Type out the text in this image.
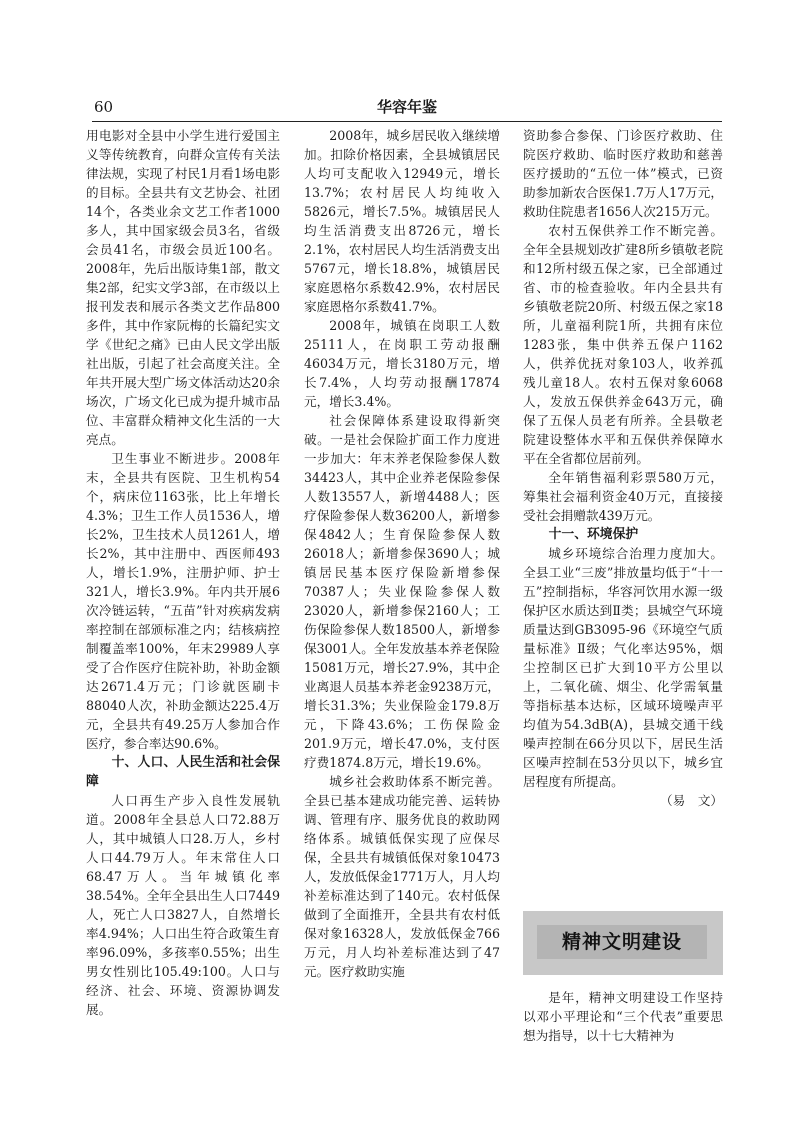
60	华容年鉴

用电影对全县中小学生进行爱国主义等传统教育，向群众宣传有关法律法规，实现了村民1月看1场电影的目标。全县共有文艺协会、社团14个，各类业余文艺工作者1000多人，其中国家级会员3名，省级会员41名，市级会员近100名。2008年，先后出版诗集1部，散文集2部，纪实文学3部，在市级以上报刊发表和展示各类文艺作品800多件，其中作家阮梅的长篇纪实文学《世纪之痛》已由人民文学出版社出版，引起了社会高度关注。全年共开展大型广场文体活动达20余场次，广场文化已成为提升城市品位、丰富群众精神文化生活的一大亮点。

卫生事业不断进步。2008年末，全县共有医院、卫生机构54个，病床位1163张，比上年增长4.3%；卫生工作人员1536人，增长2%，卫生技术人员1261人，增长2%，其中注册中、西医师493人，增长1.9%，注册护师、护士321人，增长3.9%。年内共开展6次冷链运转，“五苗”针对疾病发病率控制在部颁标准之内；结核病控制覆盖率100%，年末29989人享受了合作医疗住院补助，补助金额达2671.4万元；门诊就医刷卡88040人次，补助金额达225.4万元，全县共有49.25万人参加合作医疗，参合率达90.6%。

十、人口、人民生活和社会保障

人口再生产步入良性发展轨道。2008年全县总人口72.88万人，其中城镇人口28.万人，乡村人口44.79万人。年末常住人口68.47万人。当年城镇化率38.54%。全年全县出生人口7449人，死亡人口3827人，自然增长率4.94%；人口出生符合政策生育率96.09%，多孩率0.55%；出生男女性别比105.49:100。人口与经济、社会、环境、资源协调发展。

2008年，城乡居民收入继续增加。扣除价格因素，全县城镇居民人均可支配收入12949元，增长13.7%；农村居民人均纯收入5826元，增长7.5%。城镇居民人均生活消费支出8726元，增长2.1%，农村居民人均生活消费支出5767元，增长18.8%，城镇居民家庭恩格尔系数42.9%，农村居民家庭恩格尔系数41.7%。

2008年，城镇在岗职工人数25111人，在岗职工劳动报酬46034万元，增长3180万元，增长7.4%，人均劳动报酬17874元，增长3.4%。

社会保障体系建设取得新突破。一是社会保险扩面工作力度进一步加大：年末养老保险参保人数34423人，其中企业养老保险参保人数13557人，新增4488人；医疗保险参保人数36200人，新增参保4842人；生育保险参保人数26018人；新增参保3690人；城镇居民基本医疗保险新增参保70387人；失业保险参保人数23020人，新增参保2160人；工伤保险参保人数18500人，新增参保3001人。全年发放基本养老保险15081万元，增长27.9%，其中企业离退人员基本养老金9238万元，增长31.3%；失业保险金179.8万元，下降43.6%；工伤保险金201.9万元，增长47.0%，支付医疗费1874.8万元，增长19.6%。

城乡社会救助体系不断完善。全县已基本建成功能完善、运转协调、管理有序、服务优良的救助网络体系。城镇低保实现了应保尽保，全县共有城镇低保对象10473人，发放低保金1771万人，月人均补差标准达到了140元。农村低保做到了全面推开，全县共有农村低保对象16328人，发放低保金766万元，月人均补差标准达到了47元。医疗救助实施

资助参合参保、门诊医疗救助、住院医疗救助、临时医疗救助和慈善医疗援助的“五位一体”模式，已资助参加新农合医保1.7万人17万元，救助住院患者1656人次215万元。

农村五保供养工作不断完善。全年全县规划改扩建8所乡镇敬老院和12所村级五保之家，已全部通过省、市的检查验收。年内全县共有乡镇敬老院20所、村级五保之家18所，儿童福利院1所，共拥有床位1283张，集中供养五保户1162人，供养优抚对象103人，收养孤残儿童18人。农村五保对象6068人，发放五保供养金643万元，确保了五保人员老有所养。全县敬老院建设整体水平和五保供养保障水平在全省都位居前列。

全年销售福利彩票580万元，筹集社会福利资金40万元，直接接受社会捐赠款439万元。

十一、环境保护

城乡环境综合治理力度加大。全县工业“三废”排放量均低于“十一五”控制指标，华容河饮用水源一级保护区水质达到Ⅱ类；县城空气环境质量达到GB3095-96《环境空气质量标准》Ⅱ级；气化率达95%，烟尘控制区已扩大到10平方公里以上，二氧化硫、烟尘、化学需氧量等指标基本达标，区域环境噪声平均值为54.3dB(A)，县城交通干线噪声控制在66分贝以下，居民生活区噪声控制在53分贝以下，城乡宜居程度有所提高。

（易　文）
精神文明建设

是年，精神文明建设工作坚持以邓小平理论和“三个代表”重要思想为指导，以十七大精神为
